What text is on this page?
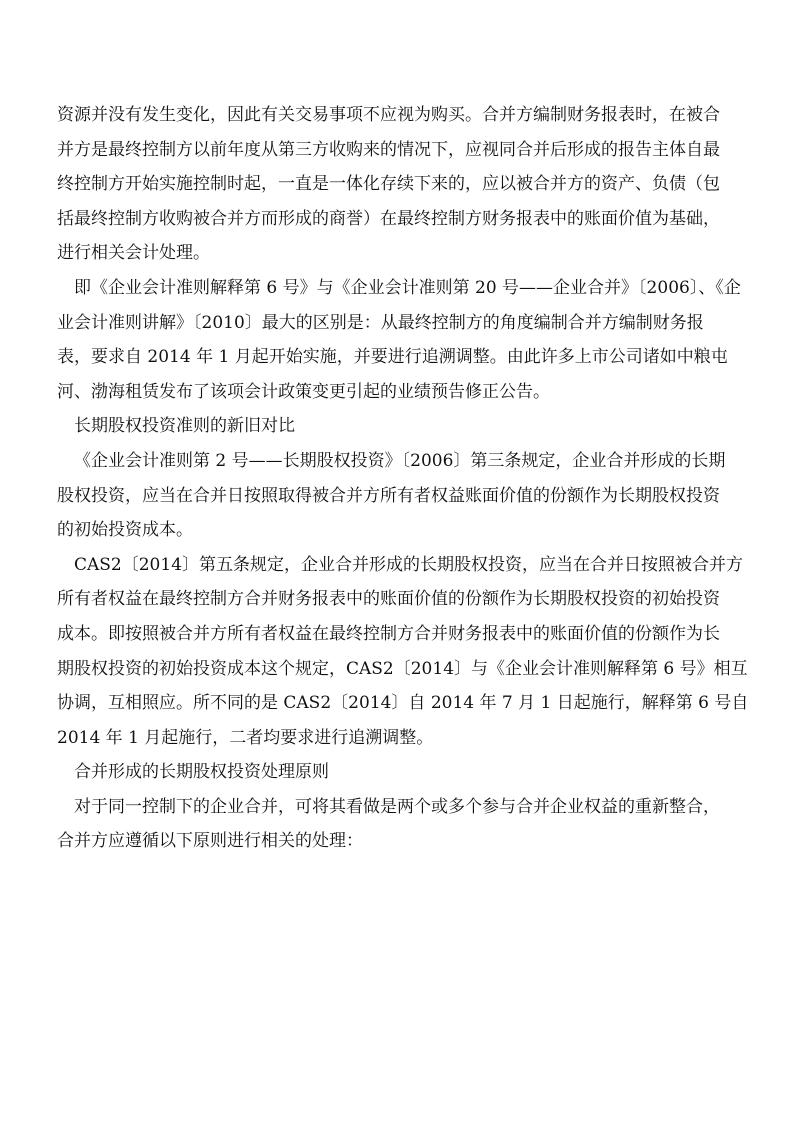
资源并没有发生变化，因此有关交易事项不应视为购买。合并方编制财务报表时，在被合
并方是最终控制方以前年度从第三方收购来的情况下，应视同合并后形成的报告主体自最
终控制方开始实施控制时起，一直是一体化存续下来的，应以被合并方的资产、负债（包
括最终控制方收购被合并方而形成的商誉）在最终控制方财务报表中的账面价值为基础，
进行相关会计处理。

即《企业会计准则解释第 6 号》与《企业会计准则第 20 号——企业合并》〔2006〕、《企
业会计准则讲解》〔2010〕最大的区别是：从最终控制方的角度编制合并方编制财务报
表，要求自 2014 年 1 月起开始实施，并要进行追溯调整。由此许多上市公司诸如中粮屯
河、渤海租赁发布了该项会计政策变更引起的业绩预告修正公告。

长期股权投资准则的新旧对比

《企业会计准则第 2 号——长期股权投资》〔2006〕第三条规定，企业合并形成的长期
股权投资，应当在合并日按照取得被合并方所有者权益账面价值的份额作为长期股权投资
的初始投资成本。

CAS2〔2014〕第五条规定，企业合并形成的长期股权投资，应当在合并日按照被合并方
所有者权益在最终控制方合并财务报表中的账面价值的份额作为长期股权投资的初始投资
成本。即按照被合并方所有者权益在最终控制方合并财务报表中的账面价值的份额作为长
期股权投资的初始投资成本这个规定，CAS2〔2014〕与《企业会计准则解释第 6 号》相互
协调，互相照应。所不同的是 CAS2〔2014〕自 2014 年 7 月 1 日起施行，解释第 6 号自
2014 年 1 月起施行，二者均要求进行追溯调整。

合并形成的长期股权投资处理原则

对于同一控制下的企业合并，可将其看做是两个或多个参与合并企业权益的重新整合，
合并方应遵循以下原则进行相关的处理：
